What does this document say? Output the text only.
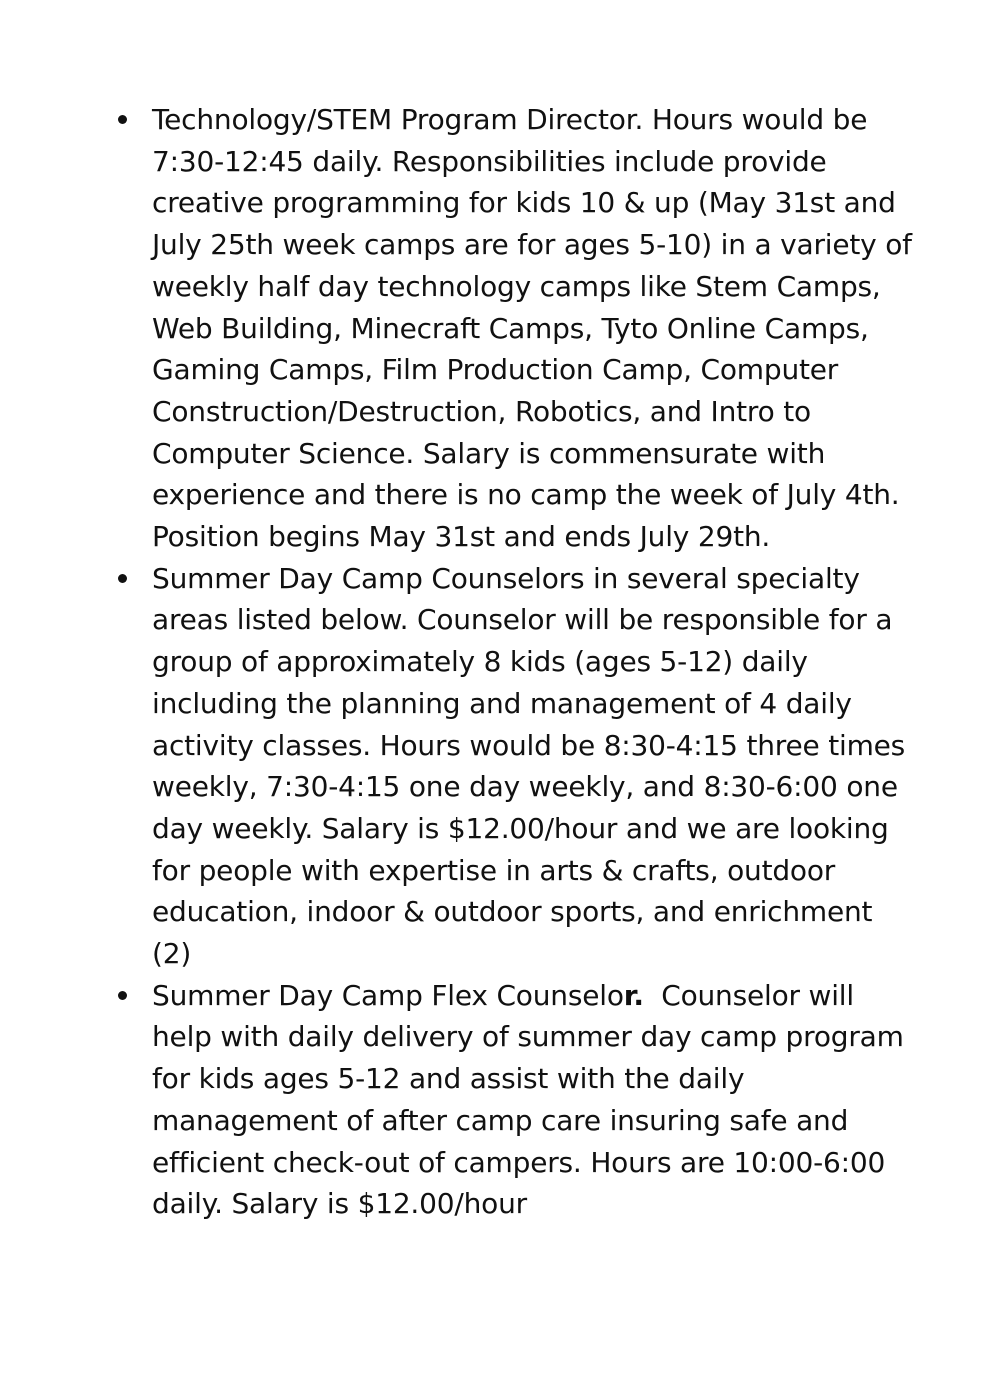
Technology/STEM Program Director. Hours would be 7:30-12:45 daily. Responsibilities include provide creative programming for kids 10 & up (May 31st and July 25th week camps are for ages 5-10) in a variety of weekly half day technology camps like Stem Camps, Web Building, Minecraft Camps, Tyto Online Camps, Gaming Camps, Film Production Camp, Computer Construction/Destruction, Robotics, and Intro to Computer Science. Salary is commensurate with experience and there is no camp the week of July 4th. Position begins May 31st and ends July 29th.
Summer Day Camp Counselors in several specialty areas listed below. Counselor will be responsible for a group of approximately 8 kids (ages 5-12) daily including the planning and management of 4 daily activity classes. Hours would be 8:30-4:15 three times weekly, 7:30-4:15 one day weekly, and 8:30-6:00 one day weekly. Salary is $12.00/hour and we are looking for people with expertise in arts & crafts, outdoor education, indoor & outdoor sports, and enrichment (2)
Summer Day Camp Flex Counselor.  Counselor will help with daily delivery of summer day camp program for kids ages 5-12 and assist with the daily management of after camp care insuring safe and efficient check-out of campers. Hours are 10:00-6:00 daily. Salary is $12.00/hour
